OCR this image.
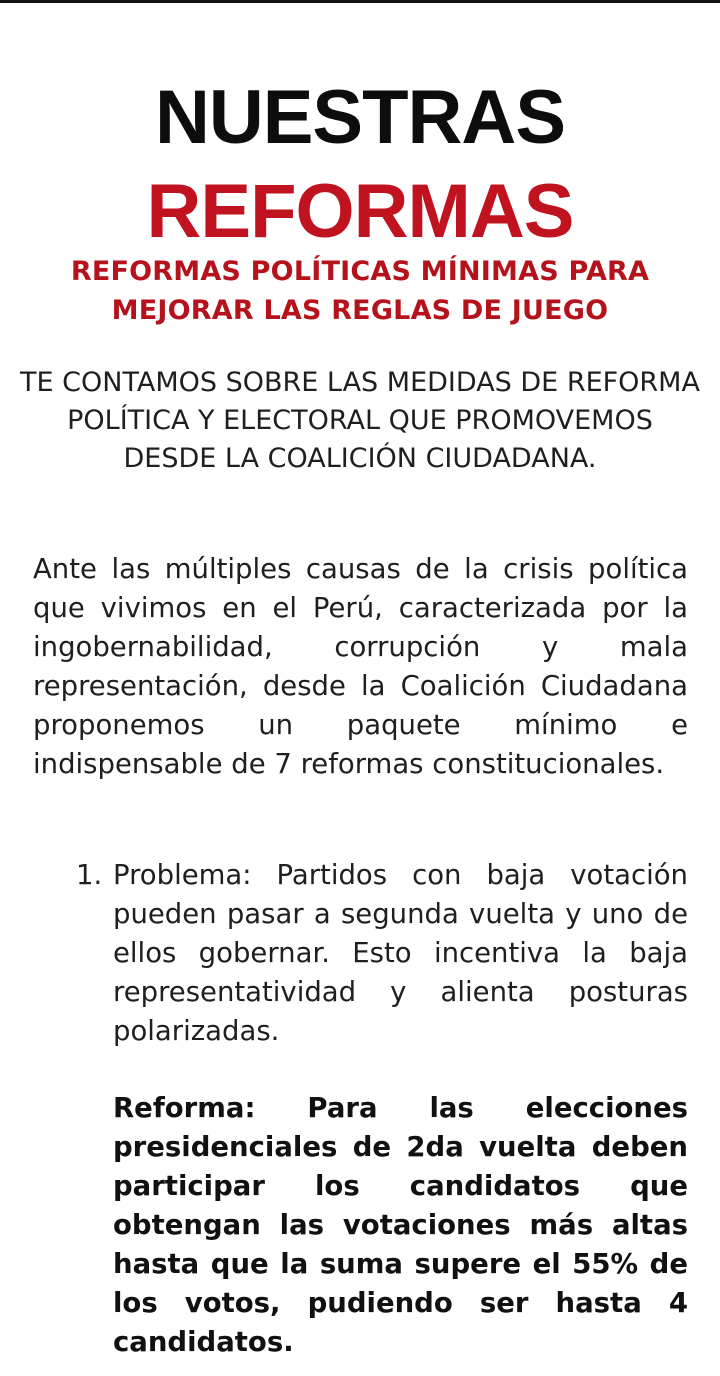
NUESTRAS
REFORMAS
REFORMAS POLÍTICAS MÍNIMAS PARA MEJORAR LAS REGLAS DE JUEGO
TE CONTAMOS SOBRE LAS MEDIDAS DE REFORMA POLÍTICA Y ELECTORAL QUE PROMOVEMOS DESDE LA COALICIÓN CIUDADANA.

Ante las múltiples causas de la crisis política que vivimos en el Perú, caracterizada por la ingobernabilidad, corrupción y mala representación, desde la Coalición Ciudadana proponemos un paquete mínimo e indispensable de 7 reformas constitucionales.

1. Problema: Partidos con baja votación pueden pasar a segunda vuelta y uno de ellos gobernar. Esto incentiva la baja representatividad y alienta posturas polarizadas.

Reforma: Para las elecciones presidenciales de 2da vuelta deben participar los candidatos que obtengan las votaciones más altas hasta que la suma supere el 55% de los votos, pudiendo ser hasta 4 candidatos.
